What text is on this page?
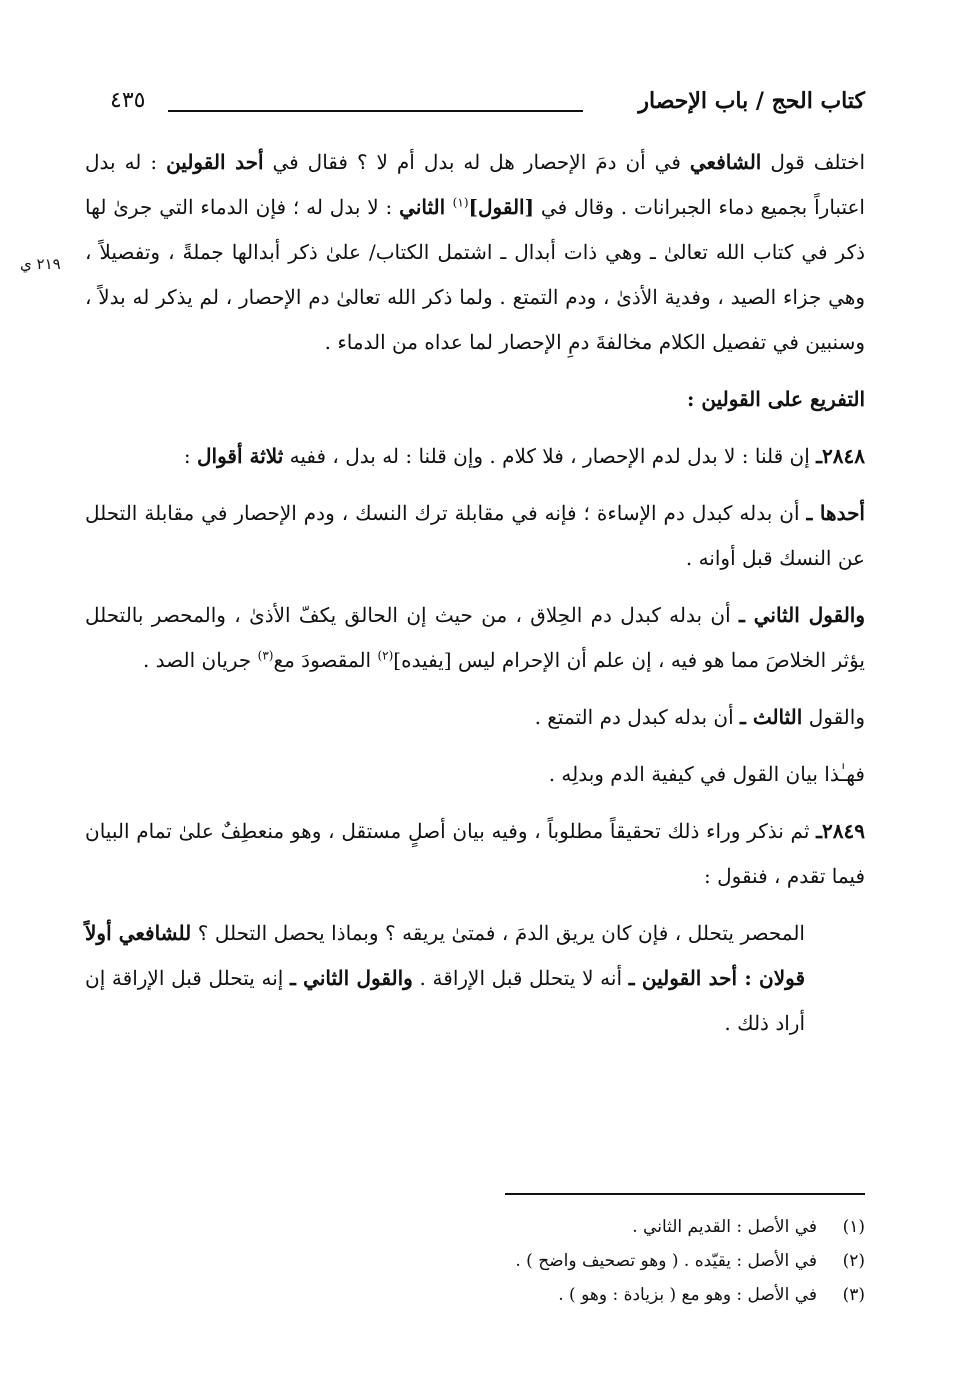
كتاب الحج / باب الإحصار
٤٣٥
٢١٩ ي

اختلف قول الشافعي في أن دمَ الإحصار هل له بدل أم لا ؟ فقال في أحد القولين : له بدل اعتباراً بجميع دماء الجبرانات . وقال في [القول]$^{(١)}$ الثاني : لا بدل له ؛ فإن الدماء التي جرىٰ لها ذكر في كتاب الله تعالىٰ ـ وهي ذات أبدال ـ اشتمل الكتاب/ علىٰ ذكر أبدالها جملةً ، وتفصيلاً ، وهي جزاء الصيد ، وفدية الأذىٰ ، ودم التمتع . ولما ذكر الله تعالىٰ دم الإحصار ، لم يذكر له بدلاً ، وسنبين في تفصيل الكلام مخالفةَ دمِ الإحصار لما عداه من الدماء .

التفريع على القولين :

٢٨٤٨ـ إن قلنا : لا بدل لدم الإحصار ، فلا كلام . وإن قلنا : له بدل ، ففيه ثلاثة أقوال :

أحدها ـ أن بدله كبدل دم الإساءة ؛ فإنه في مقابلة ترك النسك ، ودم الإحصار في مقابلة التحلل عن النسك قبل أوانه .

والقول الثاني ـ أن بدله كبدل دم الحِلاق ، من حيث إن الحالق يكفّ الأذىٰ ، والمحصر بالتحلل يؤثر الخلاصَ مما هو فيه ، إن علم أن الإحرام ليس [يفيده]$^{(٢)}$ المقصودَ مع$^{(٣)}$ جريان الصد .

والقول الثالث ـ أن بدله كبدل دم التمتع .

فهـٰذا بيان القول في كيفية الدم وبدلِه .

٢٨٤٩ـ ثم نذكر وراء ذلك تحقيقاً مطلوباً ، وفيه بيان أصلٍ مستقل ، وهو منعطِفٌ علىٰ تمام البيان فيما تقدم ، فنقول :

المحصر يتحلل ، فإن كان يريق الدمَ ، فمتىٰ يريقه ؟ وبماذا يحصل التحلل ؟ للشافعي أولاً قولان : أحد القولين ـ أنه لا يتحلل قبل الإراقة . والقول الثاني ـ إنه يتحلل قبل الإراقة إن أراد ذلك .

(١)في الأصل : القديم الثاني .
(٢)في الأصل : يقيّده . ( وهو تصحيف واضح ) .
(٣)في الأصل : وهو مع ( بزيادة : وهو ) .
